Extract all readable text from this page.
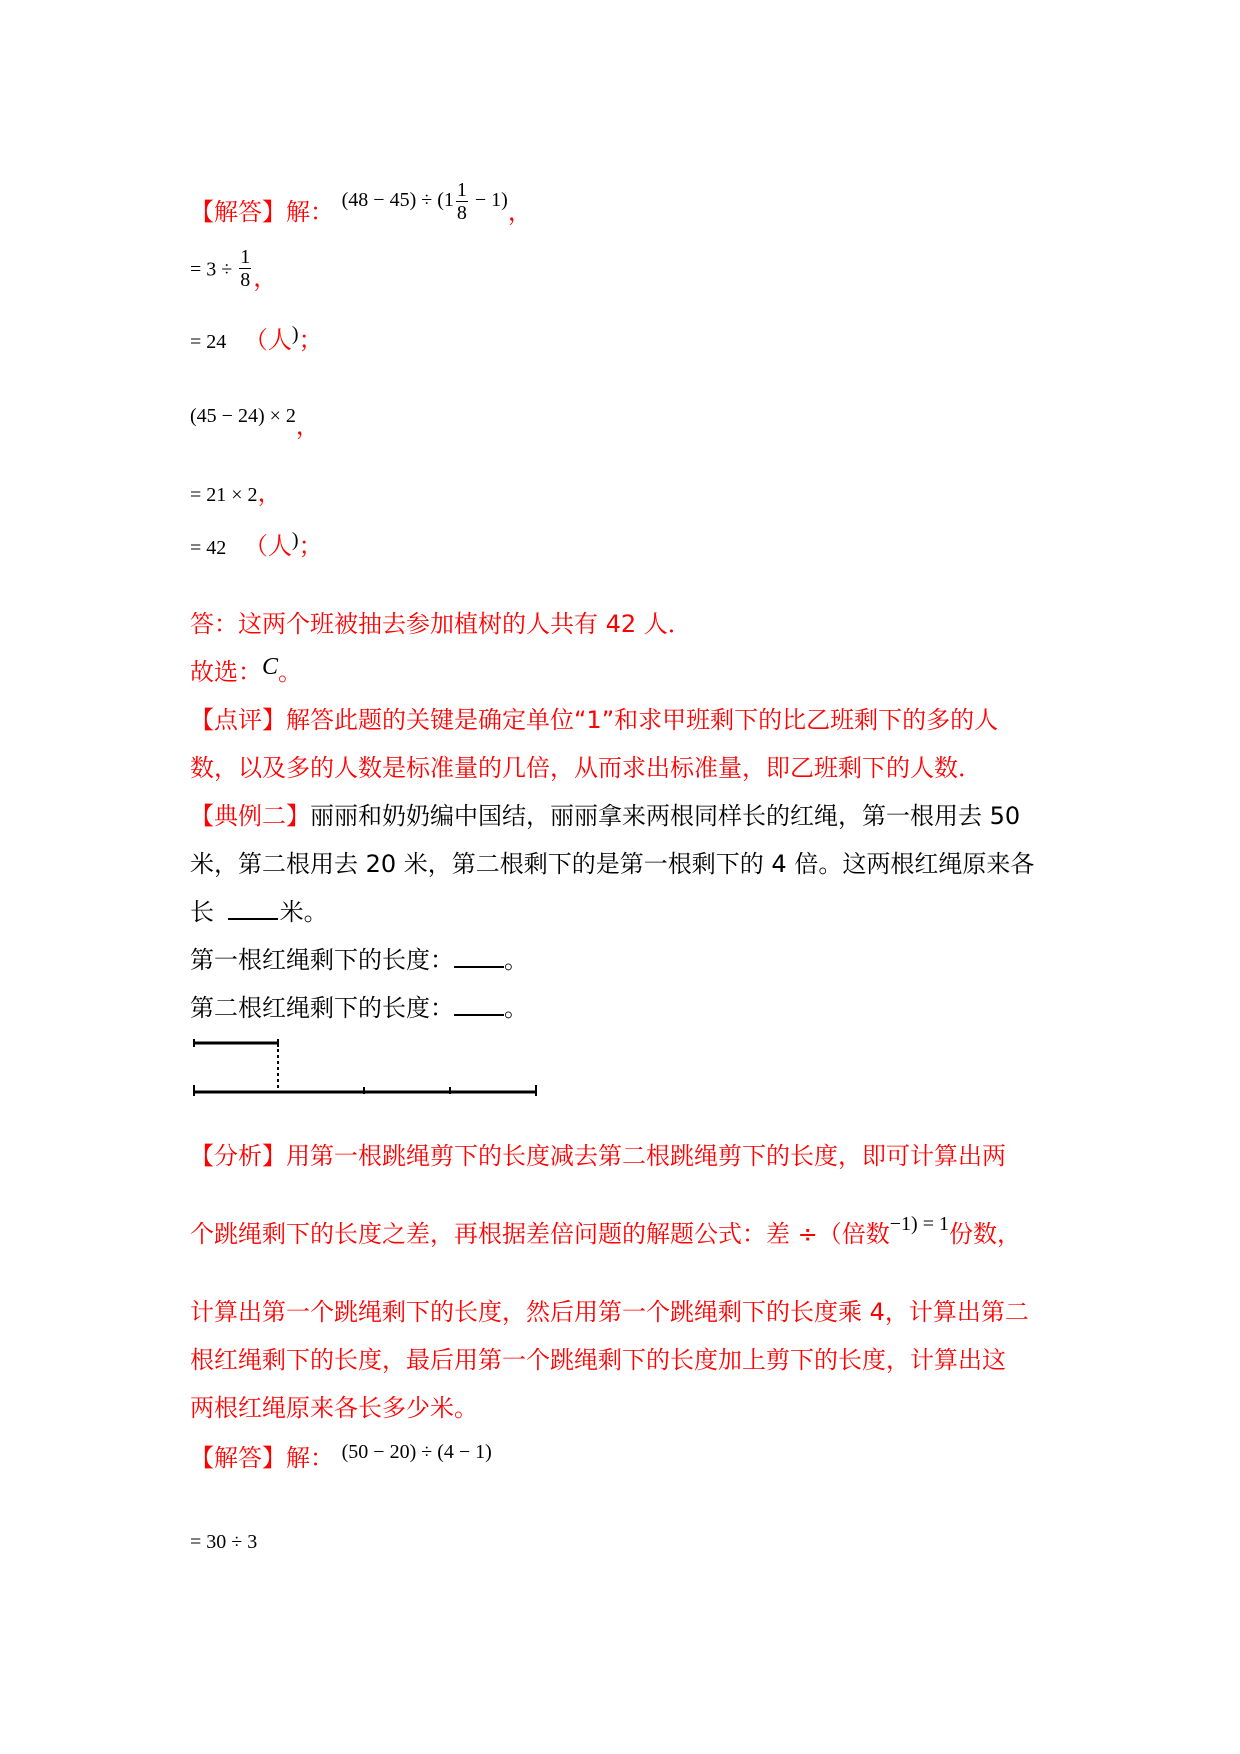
【解答】解： $^{(48 - 45) \div (1 \frac{1}{8} - 1)}$，
= $3 \div \frac{1}{8}$ ，
= 24 （人)；
(45 − 24) × 2，
= 21 × 2，
= 42 （人)；
答：这两个班被抽去参加植树的人共有 42 人．
故选：C。
【点评】解答此题的关键是确定单位“1”和求甲班剩下的比乙班剩下的多的人
数，以及多的人数是标准量的几倍，从而求出标准量，即乙班剩下的人数．
【典例二】丽丽和奶奶编中国结，丽丽拿来两根同样长的红绳，第一根用去 50
米，第二根用去 20 米，第二根剩下的是第一根剩下的 4 倍。这两根红绳原来各
长 米。
第一根红绳剩下的长度： 。
第二根红绳剩下的长度： 。
【分析】用第一根跳绳剪下的长度减去第二根跳绳剪下的长度，即可计算出两
个跳绳剩下的长度之差，再根据差倍问题的解题公式：差 ÷（倍数$^{-1) = 1}$份数，
计算出第一个跳绳剩下的长度，然后用第一个跳绳剩下的长度乘 4，计算出第二
根红绳剩下的长度，最后用第一个跳绳剩下的长度加上剪下的长度，计算出这
两根红绳原来各长多少米。
【解答】解： $^{(50 - 20) \div (4 - 1)}$
= 30 ÷ 3
